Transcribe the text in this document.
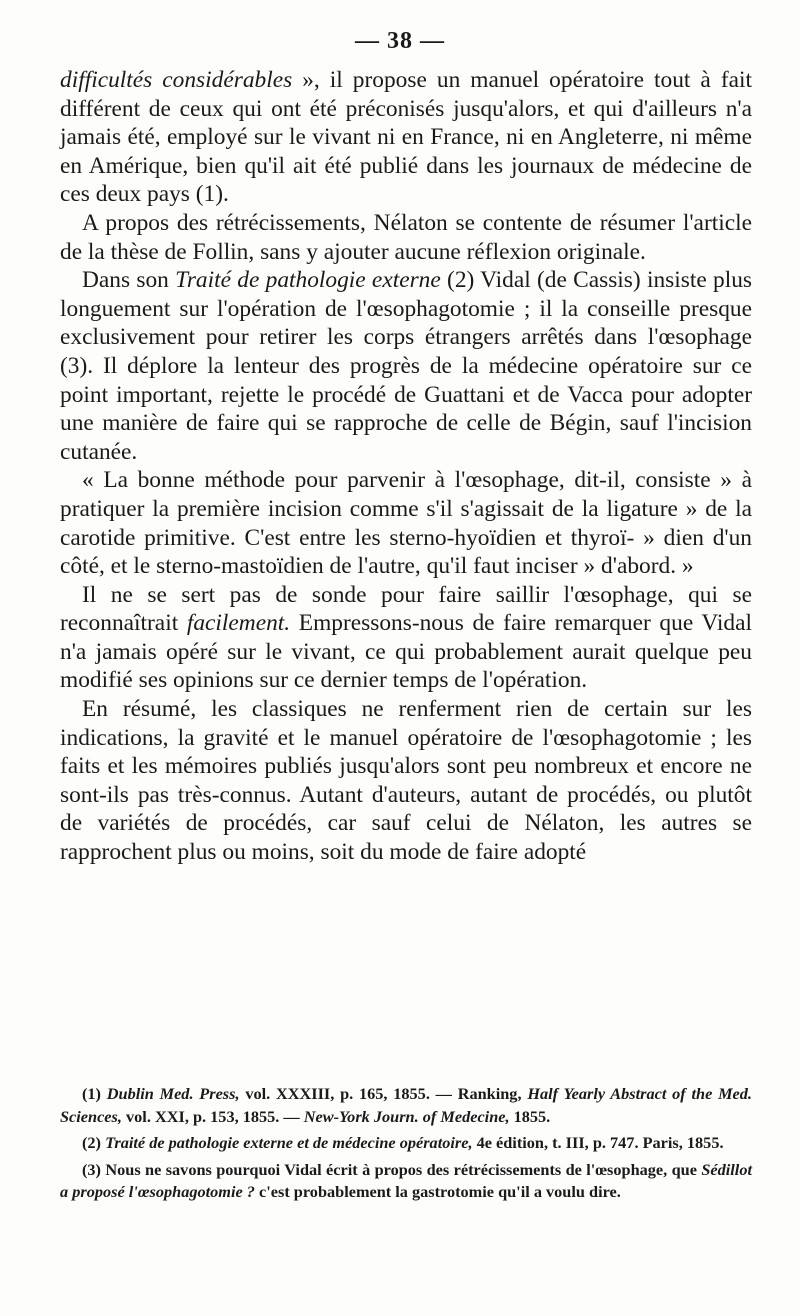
— 38 —

difficultés considérables », il propose un manuel opératoire tout à fait différent de ceux qui ont été préconisés jusqu'alors, et qui d'ailleurs n'a jamais été, employé sur le vivant ni en France, ni en Angleterre, ni même en Amérique, bien qu'il ait été publié dans les journaux de médecine de ces deux pays (1).

A propos des rétrécissements, Nélaton se contente de résumer l'article de la thèse de Follin, sans y ajouter aucune réflexion originale.

Dans son Traité de pathologie externe (2) Vidal (de Cassis) insiste plus longuement sur l'opération de l'œsophagotomie ; il la conseille presque exclusivement pour retirer les corps étrangers arrêtés dans l'œsophage (3). Il déplore la lenteur des progrès de la médecine opératoire sur ce point important, rejette le procédé de Guattani et de Vacca pour adopter une manière de faire qui se rapproche de celle de Bégin, sauf l'incision cutanée.

« La bonne méthode pour parvenir à l'œsophage, dit-il, consiste » à pratiquer la première incision comme s'il s'agissait de la ligature » de la carotide primitive. C'est entre les sterno-hyoïdien et thyroï- » dien d'un côté, et le sterno-mastoïdien de l'autre, qu'il faut inciser » d'abord. »

Il ne se sert pas de sonde pour faire saillir l'œsophage, qui se reconnaîtrait facilement. Empressons-nous de faire remarquer que Vidal n'a jamais opéré sur le vivant, ce qui probablement aurait quelque peu modifié ses opinions sur ce dernier temps de l'opération.

En résumé, les classiques ne renferment rien de certain sur les indications, la gravité et le manuel opératoire de l'œsophagotomie ; les faits et les mémoires publiés jusqu'alors sont peu nombreux et encore ne sont-ils pas très-connus. Autant d'auteurs, autant de procédés, ou plutôt de variétés de procédés, car sauf celui de Nélaton, les autres se rapprochent plus ou moins, soit du mode de faire adopté

(1) Dublin Med. Press, vol. XXXIII, p. 165, 1855. — Ranking, Half Yearly Abstract of the Med. Sciences, vol. XXI, p. 153, 1855. — New-York Journ. of Medecine, 1855.

(2) Traité de pathologie externe et de médecine opératoire, 4e édition, t. III, p. 747. Paris, 1855.

(3) Nous ne savons pourquoi Vidal écrit à propos des rétrécissements de l'œsophage, que Sédillot a proposé l'œsophagotomie ? c'est probablement la gastrotomie qu'il a voulu dire.
